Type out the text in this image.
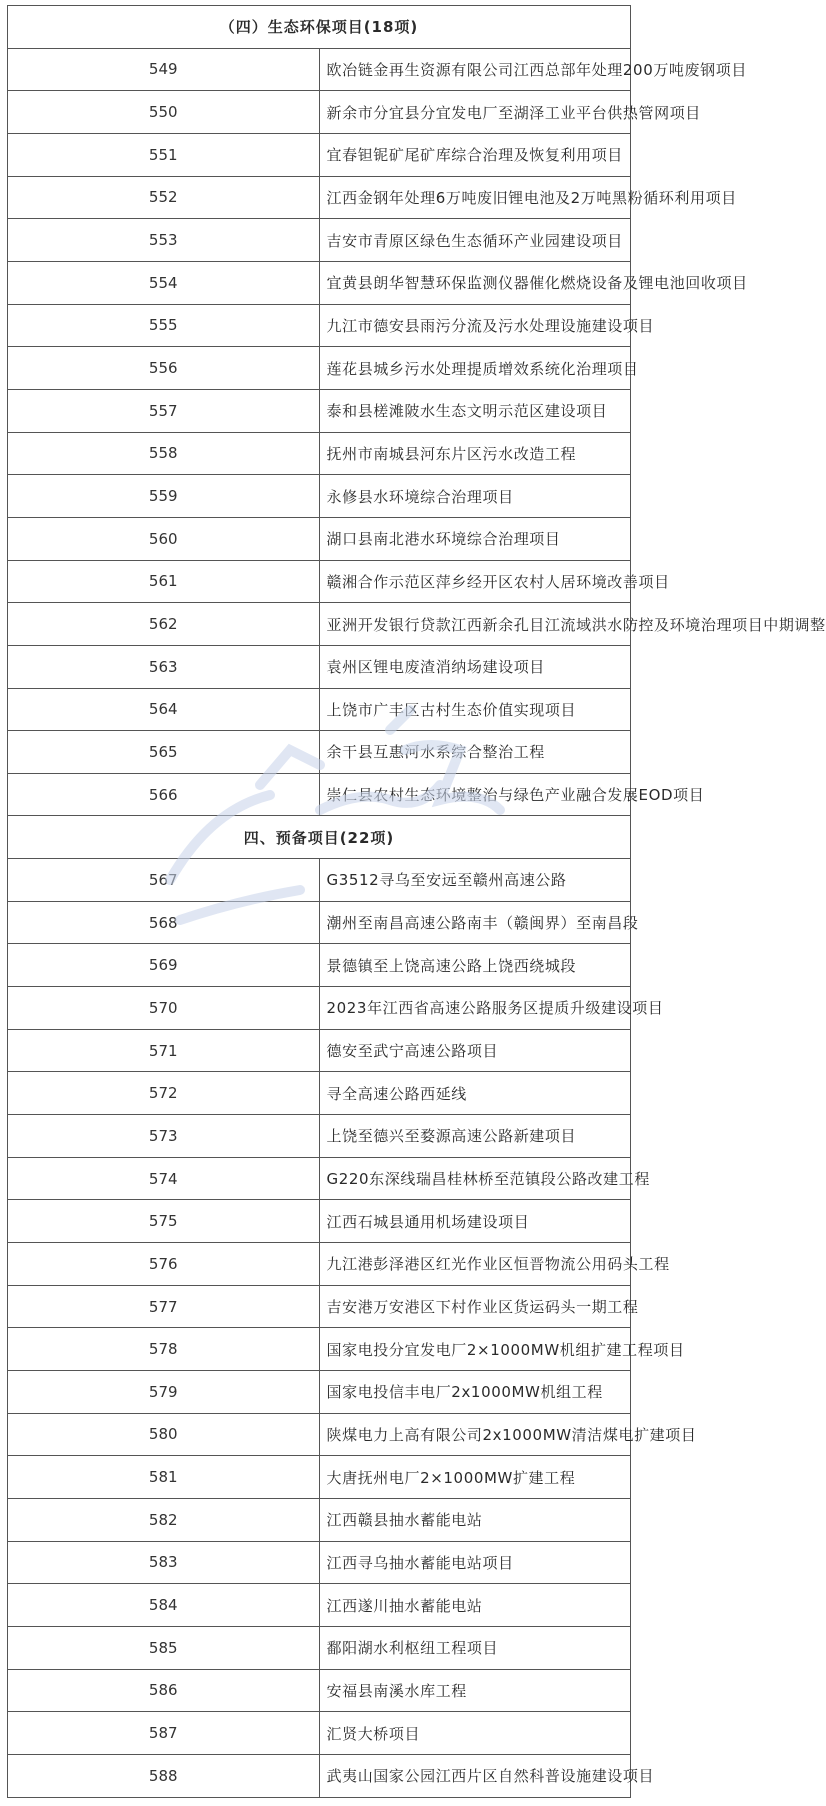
（四）生态环保项目(18项)	
549	欧冶链金再生资源有限公司江西总部年处理200万吨废钢项目
550	新余市分宜县分宜发电厂至湖泽工业平台供热管网项目
551	宜春钽铌矿尾矿库综合治理及恢复利用项目
552	江西金钢年处理6万吨废旧锂电池及2万吨黑粉循环利用项目
553	吉安市青原区绿色生态循环产业园建设项目
554	宜黄县朗华智慧环保监测仪器催化燃烧设备及锂电池回收项目
555	九江市德安县雨污分流及污水处理设施建设项目
556	莲花县城乡污水处理提质增效系统化治理项目
557	泰和县槎滩陂水生态文明示范区建设项目
558	抚州市南城县河东片区污水改造工程
559	永修县水环境综合治理项目
560	湖口县南北港水环境综合治理项目
561	赣湘合作示范区萍乡经开区农村人居环境改善项目
562	亚洲开发银行贷款江西新余孔目江流域洪水防控及环境治理项目中期调整
563	袁州区锂电废渣消纳场建设项目
564	上饶市广丰区古村生态价值实现项目
565	余干县互惠河水系综合整治工程
566	崇仁县农村生态环境整治与绿色产业融合发展EOD项目
四、预备项目(22项)	
567	G3512寻乌至安远至赣州高速公路
568	潮州至南昌高速公路南丰（赣闽界）至南昌段
569	景德镇至上饶高速公路上饶西绕城段
570	2023年江西省高速公路服务区提质升级建设项目
571	德安至武宁高速公路项目
572	寻全高速公路西延线
573	上饶至德兴至婺源高速公路新建项目
574	G220东深线瑞昌桂林桥至范镇段公路改建工程
575	江西石城县通用机场建设项目
576	九江港彭泽港区红光作业区恒晋物流公用码头工程
577	吉安港万安港区下村作业区货运码头一期工程
578	国家电投分宜发电厂2×1000MW机组扩建工程项目
579	国家电投信丰电厂2x1000MW机组工程
580	陕煤电力上高有限公司2x1000MW清洁煤电扩建项目
581	大唐抚州电厂2×1000MW扩建工程
582	江西赣县抽水蓄能电站
583	江西寻乌抽水蓄能电站项目
584	江西遂川抽水蓄能电站
585	鄱阳湖水利枢纽工程项目
586	安福县南溪水库工程
587	汇贤大桥项目
588	武夷山国家公园江西片区自然科普设施建设项目
